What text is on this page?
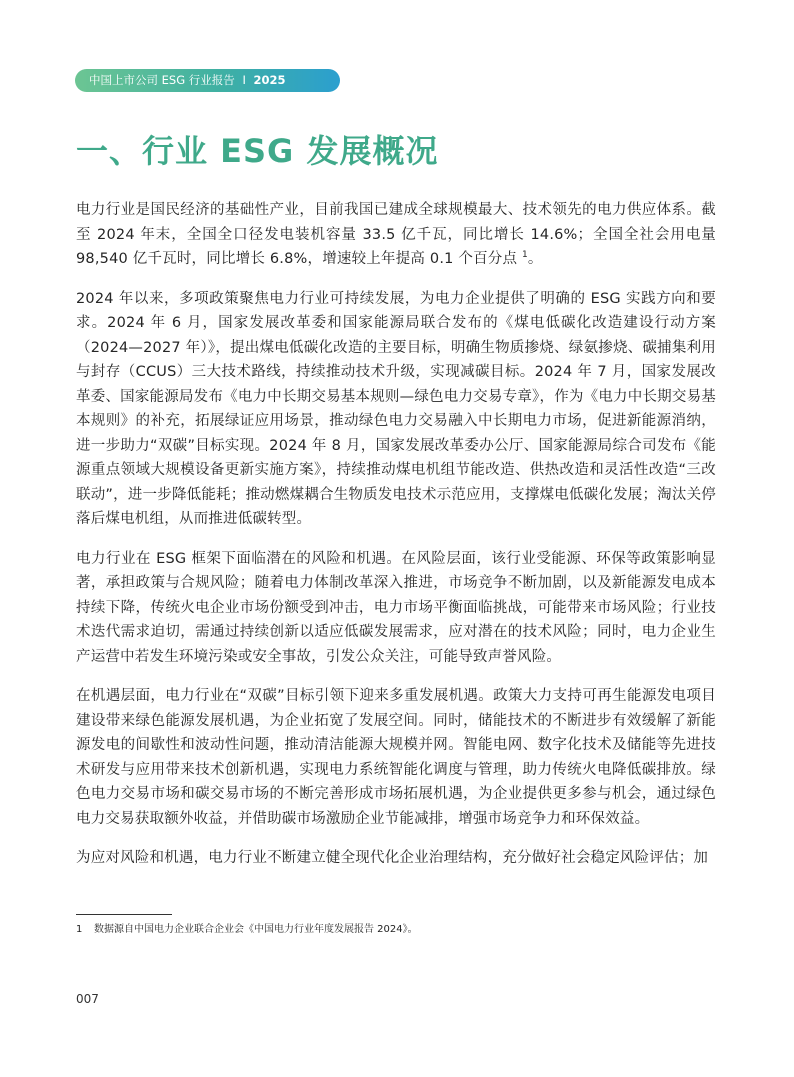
中国上市公司 ESG 行业报告 I 2025
一、行业 ESG 发展概况

电力行业是国民经济的基础性产业，目前我国已建成全球规模最大、技术领先的电力供应体系。截至 2024 年末，全国全口径发电装机容量 33.5 亿千瓦，同比增长 14.6%；全国全社会用电量 98,540 亿千瓦时，同比增长 6.8%，增速较上年提高 0.1 个百分点 $^1$。

2024 年以来，多项政策聚焦电力行业可持续发展，为电力企业提供了明确的 ESG 实践方向和要求。2024 年 6 月，国家发展改革委和国家能源局联合发布的《煤电低碳化改造建设行动方案（2024—2027 年）》，提出煤电低碳化改造的主要目标，明确生物质掺烧、绿氨掺烧、碳捕集利用与封存（CCUS）三大技术路线，持续推动技术升级，实现减碳目标。2024 年 7 月，国家发展改革委、国家能源局发布《电力中长期交易基本规则—绿色电力交易专章》，作为《电力中长期交易基本规则》的补充，拓展绿证应用场景，推动绿色电力交易融入中长期电力市场，促进新能源消纳，进一步助力“双碳”目标实现。2024 年 8 月，国家发展改革委办公厅、国家能源局综合司发布《能源重点领域大规模设备更新实施方案》，持续推动煤电机组节能改造、供热改造和灵活性改造“三改联动”，进一步降低能耗；推动燃煤耦合生物质发电技术示范应用，支撑煤电低碳化发展；淘汰关停落后煤电机组，从而推进低碳转型。

电力行业在 ESG 框架下面临潜在的风险和机遇。在风险层面，该行业受能源、环保等政策影响显著，承担政策与合规风险；随着电力体制改革深入推进，市场竞争不断加剧，以及新能源发电成本持续下降，传统火电企业市场份额受到冲击，电力市场平衡面临挑战，可能带来市场风险；行业技术迭代需求迫切，需通过持续创新以适应低碳发展需求，应对潜在的技术风险；同时，电力企业生产运营中若发生环境污染或安全事故，引发公众关注，可能导致声誉风险。

在机遇层面，电力行业在“双碳”目标引领下迎来多重发展机遇。政策大力支持可再生能源发电项目建设带来绿色能源发展机遇，为企业拓宽了发展空间。同时，储能技术的不断进步有效缓解了新能源发电的间歇性和波动性问题，推动清洁能源大规模并网。智能电网、数字化技术及储能等先进技术研发与应用带来技术创新机遇，实现电力系统智能化调度与管理，助力传统火电降低碳排放。绿色电力交易市场和碳交易市场的不断完善形成市场拓展机遇，为企业提供更多参与机会，通过绿色电力交易获取额外收益，并借助碳市场激励企业节能减排，增强市场竞争力和环保效益。

为应对风险和机遇，电力行业不断建立健全现代化企业治理结构，充分做好社会稳定风险评估；加

1 数据源自中国电力企业联合企业会《中国电力行业年度发展报告 2024》。
007
